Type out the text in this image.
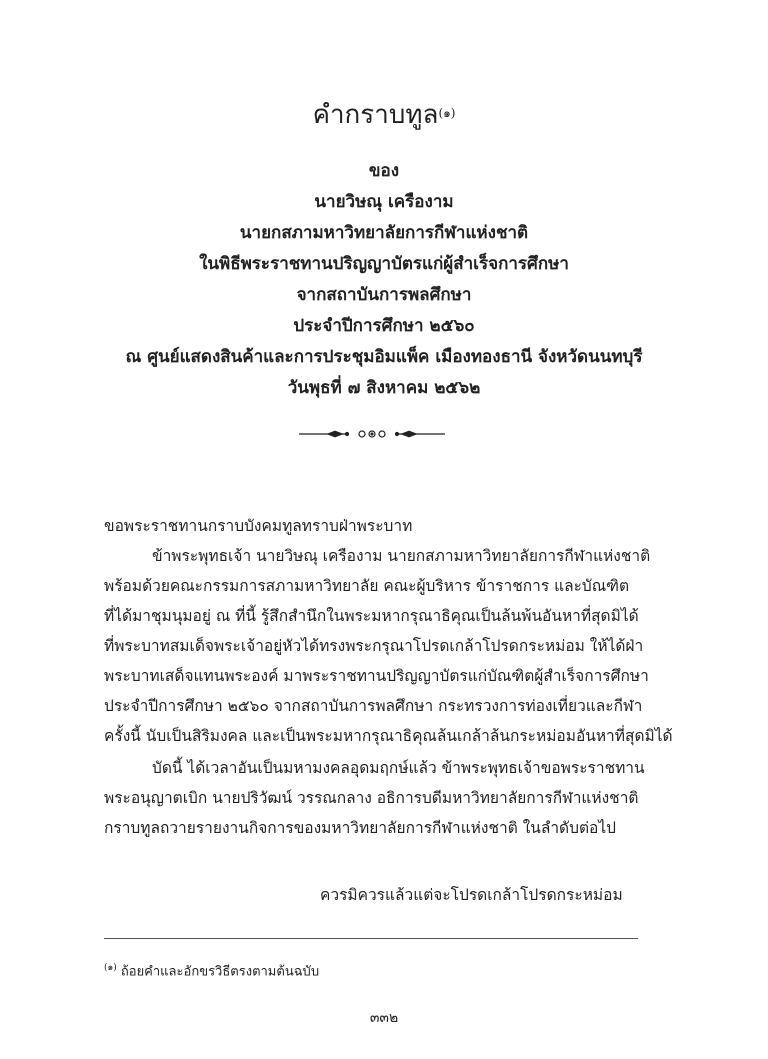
คำกราบทูล$^{(๑)}$
ของ
นายวิษณุ เครืองาม
นายกสภามหาวิทยาลัยการกีฬาแห่งชาติ
ในพิธีพระราชทานปริญญาบัตรแก่ผู้สำเร็จการศึกษา
จากสถาบันการพลศึกษา
ประจำปีการศึกษา ๒๕๖๐
ณ ศูนย์แสดงสินค้าและการประชุมอิมแพ็ค เมืองทองธานี จังหวัดนนทบุรี
วันพุธที่ ๗ สิงหาคม ๒๕๖๒
ขอพระราชทานกราบบังคมทูลทราบฝ่าพระบาท
ข้าพระพุทธเจ้า นายวิษณุ เครืองาม นายกสภามหาวิทยาลัยการกีฬาแห่งชาติ
พร้อมด้วยคณะกรรมการสภามหาวิทยาลัย คณะผู้บริหาร ข้าราชการ และบัณฑิต
ที่ได้มาชุมนุมอยู่ ณ ที่นี้ รู้สึกสำนึกในพระมหากรุณาธิคุณเป็นล้นพ้นอันหาที่สุดมิได้
ที่พระบาทสมเด็จพระเจ้าอยู่หัวได้ทรงพระกรุณาโปรดเกล้าโปรดกระหม่อม ให้ได้ฝ่า
พระบาทเสด็จแทนพระองค์ มาพระราชทานปริญญาบัตรแก่บัณฑิตผู้สำเร็จการศึกษา
ประจำปีการศึกษา ๒๕๖๐ จากสถาบันการพลศึกษา กระทรวงการท่องเที่ยวและกีฬา
ครั้งนี้ นับเป็นสิริมงคล และเป็นพระมหากรุณาธิคุณล้นเกล้าล้นกระหม่อมอันหาที่สุดมิได้
บัดนี้ ได้เวลาอันเป็นมหามงคลอุดมฤกษ์แล้ว ข้าพระพุทธเจ้าขอพระราชทาน
พระอนุญาตเบิก นายปริวัฒน์ วรรณกลาง อธิการบดีมหาวิทยาลัยการกีฬาแห่งชาติ
กราบทูลถวายรายงานกิจการของมหาวิทยาลัยการกีฬาแห่งชาติ ในลำดับต่อไป
ควรมิควรแล้วแต่จะโปรดเกล้าโปรดกระหม่อม
$^{(๑)}$ ถ้อยคำและอักขรวิธีตรงตามต้นฉบับ
๓๓๒
